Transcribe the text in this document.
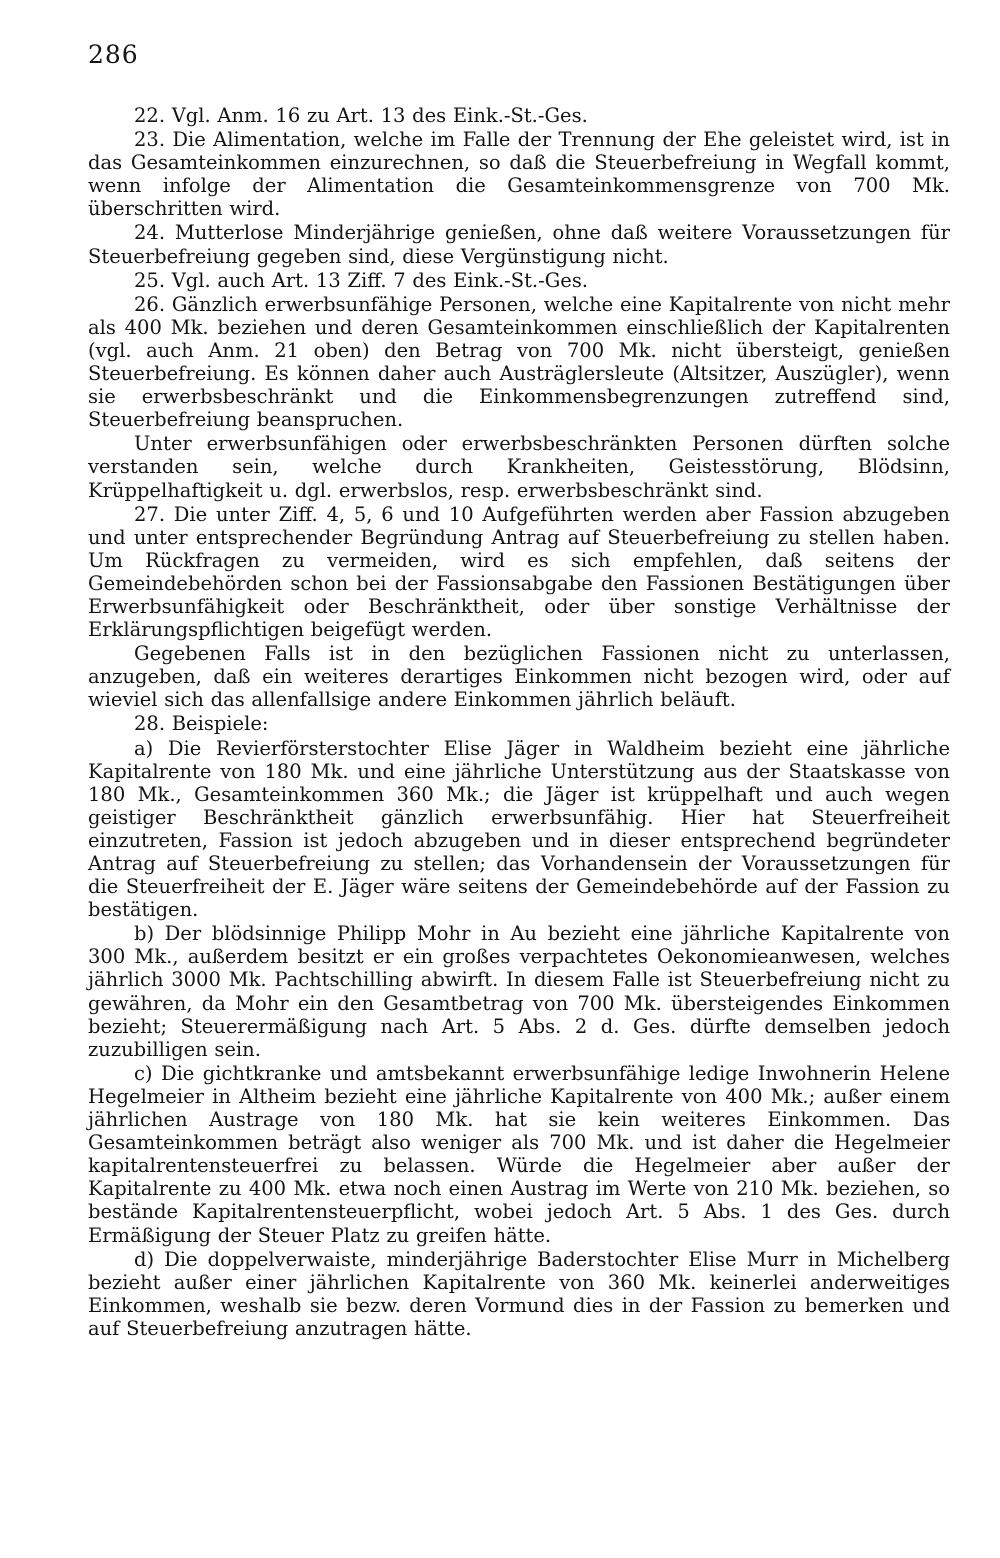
286

22. Vgl. Anm. 16 zu Art. 13 des Eink.-St.-Ges.

23. Die Alimentation, welche im Falle der Trennung der Ehe geleistet wird, ist in das Gesamteinkommen einzurechnen, so daß die Steuerbefreiung in Wegfall kommt, wenn infolge der Alimentation die Gesamteinkommensgrenze von 700 Mk. überschritten wird.

24. Mutterlose Minderjährige genießen, ohne daß weitere Voraussetzungen für Steuerbefreiung gegeben sind, diese Vergünstigung nicht.

25. Vgl. auch Art. 13 Ziff. 7 des Eink.-St.-Ges.

26. Gänzlich erwerbsunfähige Personen, welche eine Kapitalrente von nicht mehr als 400 Mk. beziehen und deren Gesamteinkommen einschließlich der Kapitalrenten (vgl. auch Anm. 21 oben) den Betrag von 700 Mk. nicht übersteigt, genießen Steuerbefreiung. Es können daher auch Austräglersleute (Altsitzer, Auszügler), wenn sie erwerbsbeschränkt und die Einkommensbegrenzungen zutreffend sind, Steuerbefreiung beanspruchen.

Unter erwerbsunfähigen oder erwerbsbeschränkten Personen dürften solche verstanden sein, welche durch Krankheiten, Geistesstörung, Blödsinn, Krüppelhaftigkeit u. dgl. erwerbslos, resp. erwerbsbeschränkt sind.

27. Die unter Ziff. 4, 5, 6 und 10 Aufgeführten werden aber Fassion abzugeben und unter entsprechender Begründung Antrag auf Steuerbefreiung zu stellen haben. Um Rückfragen zu vermeiden, wird es sich empfehlen, daß seitens der Gemeindebehörden schon bei der Fassionsabgabe den Fassionen Bestätigungen über Erwerbsunfähigkeit oder Beschränktheit, oder über sonstige Verhältnisse der Erklärungspflichtigen beigefügt werden.

Gegebenen Falls ist in den bezüglichen Fassionen nicht zu unterlassen, anzugeben, daß ein weiteres derartiges Einkommen nicht bezogen wird, oder auf wieviel sich das allenfallsige andere Einkommen jährlich beläuft.

28. Beispiele:

a) Die Revierförsterstochter Elise Jäger in Waldheim bezieht eine jährliche Kapitalrente von 180 Mk. und eine jährliche Unterstützung aus der Staatskasse von 180 Mk., Gesamteinkommen 360 Mk.; die Jäger ist krüppelhaft und auch wegen geistiger Beschränktheit gänzlich erwerbsunfähig. Hier hat Steuerfreiheit einzutreten, Fassion ist jedoch abzugeben und in dieser entsprechend begründeter Antrag auf Steuerbefreiung zu stellen; das Vorhandensein der Voraussetzungen für die Steuerfreiheit der E. Jäger wäre seitens der Gemeindebehörde auf der Fassion zu bestätigen.

b) Der blödsinnige Philipp Mohr in Au bezieht eine jährliche Kapitalrente von 300 Mk., außerdem besitzt er ein großes verpachtetes Oekonomieanwesen, welches jährlich 3000 Mk. Pachtschilling abwirft. In diesem Falle ist Steuerbefreiung nicht zu gewähren, da Mohr ein den Gesamtbetrag von 700 Mk. übersteigendes Einkommen bezieht; Steuerermäßigung nach Art. 5 Abs. 2 d. Ges. dürfte demselben jedoch zuzubilligen sein.

c) Die gichtkranke und amtsbekannt erwerbsunfähige ledige Inwohnerin Helene Hegelmeier in Altheim bezieht eine jährliche Kapitalrente von 400 Mk.; außer einem jährlichen Austrage von 180 Mk. hat sie kein weiteres Einkommen. Das Gesamteinkommen beträgt also weniger als 700 Mk. und ist daher die Hegelmeier kapitalrentensteuerfrei zu belassen. Würde die Hegelmeier aber außer der Kapitalrente zu 400 Mk. etwa noch einen Austrag im Werte von 210 Mk. beziehen, so bestände Kapitalrentensteuerpflicht, wobei jedoch Art. 5 Abs. 1 des Ges. durch Ermäßigung der Steuer Platz zu greifen hätte.

d) Die doppelverwaiste, minderjährige Baderstochter Elise Murr in Michelberg bezieht außer einer jährlichen Kapitalrente von 360 Mk. keinerlei anderweitiges Einkommen, weshalb sie bezw. deren Vormund dies in der Fassion zu bemerken und auf Steuerbefreiung anzutragen hätte.
